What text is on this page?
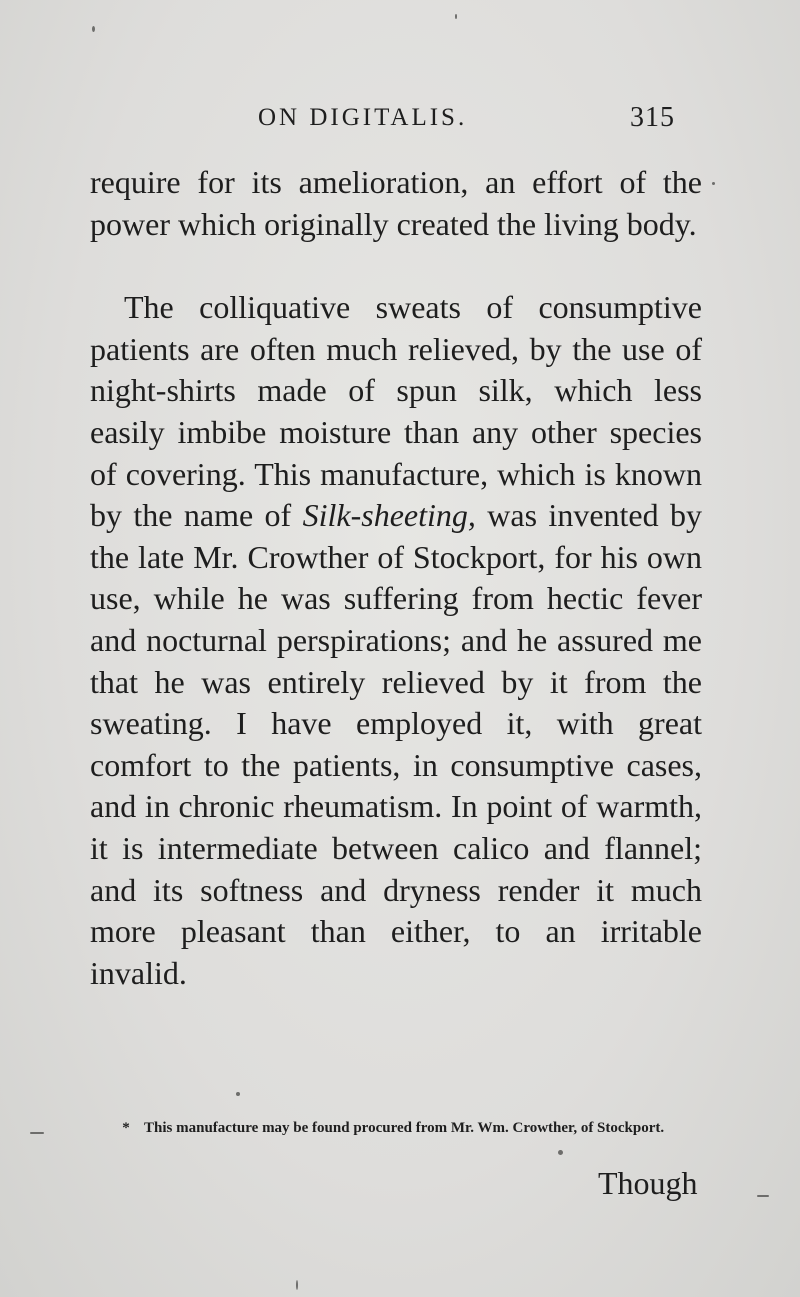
ON DIGITALIS.	315

require for its amelioration, an effort of the power which originally created the living body.

The colliquative sweats of consumptive patients are often much relieved, by the use of night-shirts made of spun silk, which less easily imbibe moisture than any other species of covering. This manufacture, which is known by the name of Silk-sheeting, was invented by the late Mr. Crowther of Stockport, for his own use, while he was suffering from hectic fever and nocturnal perspirations; and he assured me that he was entirely relieved by it from the sweating. I have employed it, with great comfort to the patients, in consumptive cases, and in chronic rheumatism. In point of warmth, it is intermediate between calico and flannel; and its softness and dryness render it much more pleasant than either, to an irritable invalid.

* This manufacture may be found procured from Mr. Wm. Crowther, of Stockport.
Though
